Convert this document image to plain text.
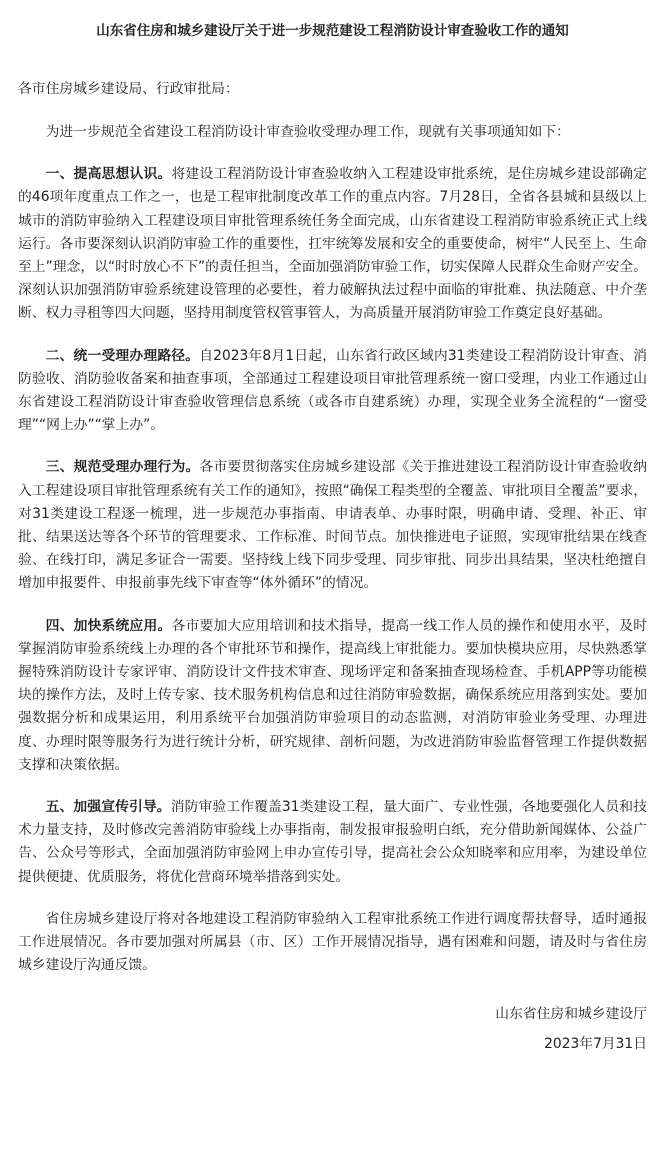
山东省住房和城乡建设厅关于进一步规范建设工程消防设计审查验收工作的通知

各市住房城乡建设局、行政审批局：

为进一步规范全省建设工程消防设计审查验收受理办理工作，现就有关事项通知如下：

一、提高思想认识。将建设工程消防设计审查验收纳入工程建设审批系统，是住房城乡建设部确定的46项年度重点工作之一，也是工程审批制度改革工作的重点内容。7月28日，全省各县城和县级以上城市的消防审验纳入工程建设项目审批管理系统任务全面完成，山东省建设工程消防审验系统正式上线运行。各市要深刻认识消防审验工作的重要性，扛牢统筹发展和安全的重要使命，树牢“人民至上、生命至上”理念，以“时时放心不下”的责任担当，全面加强消防审验工作，切实保障人民群众生命财产安全。深刻认识加强消防审验系统建设管理的必要性，着力破解执法过程中面临的审批难、执法随意、中介垄断、权力寻租等四大问题，坚持用制度管权管事管人，为高质量开展消防审验工作奠定良好基础。

二、统一受理办理路径。自2023年8月1日起，山东省行政区域内31类建设工程消防设计审查、消防验收、消防验收备案和抽查事项，全部通过工程建设项目审批管理系统一窗口受理，内业工作通过山东省建设工程消防设计审查验收管理信息系统（或各市自建系统）办理，实现全业务全流程的“一窗受理”“网上办”“掌上办”。

三、规范受理办理行为。各市要贯彻落实住房城乡建设部《关于推进建设工程消防设计审查验收纳入工程建设项目审批管理系统有关工作的通知》，按照“确保工程类型的全覆盖、审批项目全覆盖”要求，对31类建设工程逐一梳理，进一步规范办事指南、申请表单、办事时限，明确申请、受理、补正、审批、结果送达等各个环节的管理要求、工作标准、时间节点。加快推进电子证照，实现审批结果在线查验、在线打印，满足多证合一需要。坚持线上线下同步受理、同步审批、同步出具结果，坚决杜绝擅自增加申报要件、申报前事先线下审查等“体外循环”的情况。

四、加快系统应用。各市要加大应用培训和技术指导，提高一线工作人员的操作和使用水平，及时掌握消防审验系统线上办理的各个审批环节和操作，提高线上审批能力。要加快模块应用，尽快熟悉掌握特殊消防设计专家评审、消防设计文件技术审查、现场评定和备案抽查现场检查、手机APP等功能模块的操作方法，及时上传专家、技术服务机构信息和过往消防审验数据，确保系统应用落到实处。要加强数据分析和成果运用，利用系统平台加强消防审验项目的动态监测，对消防审验业务受理、办理进度、办理时限等服务行为进行统计分析，研究规律、剖析问题，为改进消防审验监督管理工作提供数据支撑和决策依据。

五、加强宣传引导。消防审验工作覆盖31类建设工程，量大面广、专业性强，各地要强化人员和技术力量支持，及时修改完善消防审验线上办事指南，制发报审报验明白纸，充分借助新闻媒体、公益广告、公众号等形式，全面加强消防审验网上申办宣传引导，提高社会公众知晓率和应用率，为建设单位提供便捷、优质服务，将优化营商环境举措落到实处。

省住房城乡建设厅将对各地建设工程消防审验纳入工程审批系统工作进行调度帮扶督导，适时通报工作进展情况。各市要加强对所属县（市、区）工作开展情况指导，遇有困难和问题，请及时与省住房城乡建设厅沟通反馈。

山东省住房和城乡建设厅

2023年7月31日
